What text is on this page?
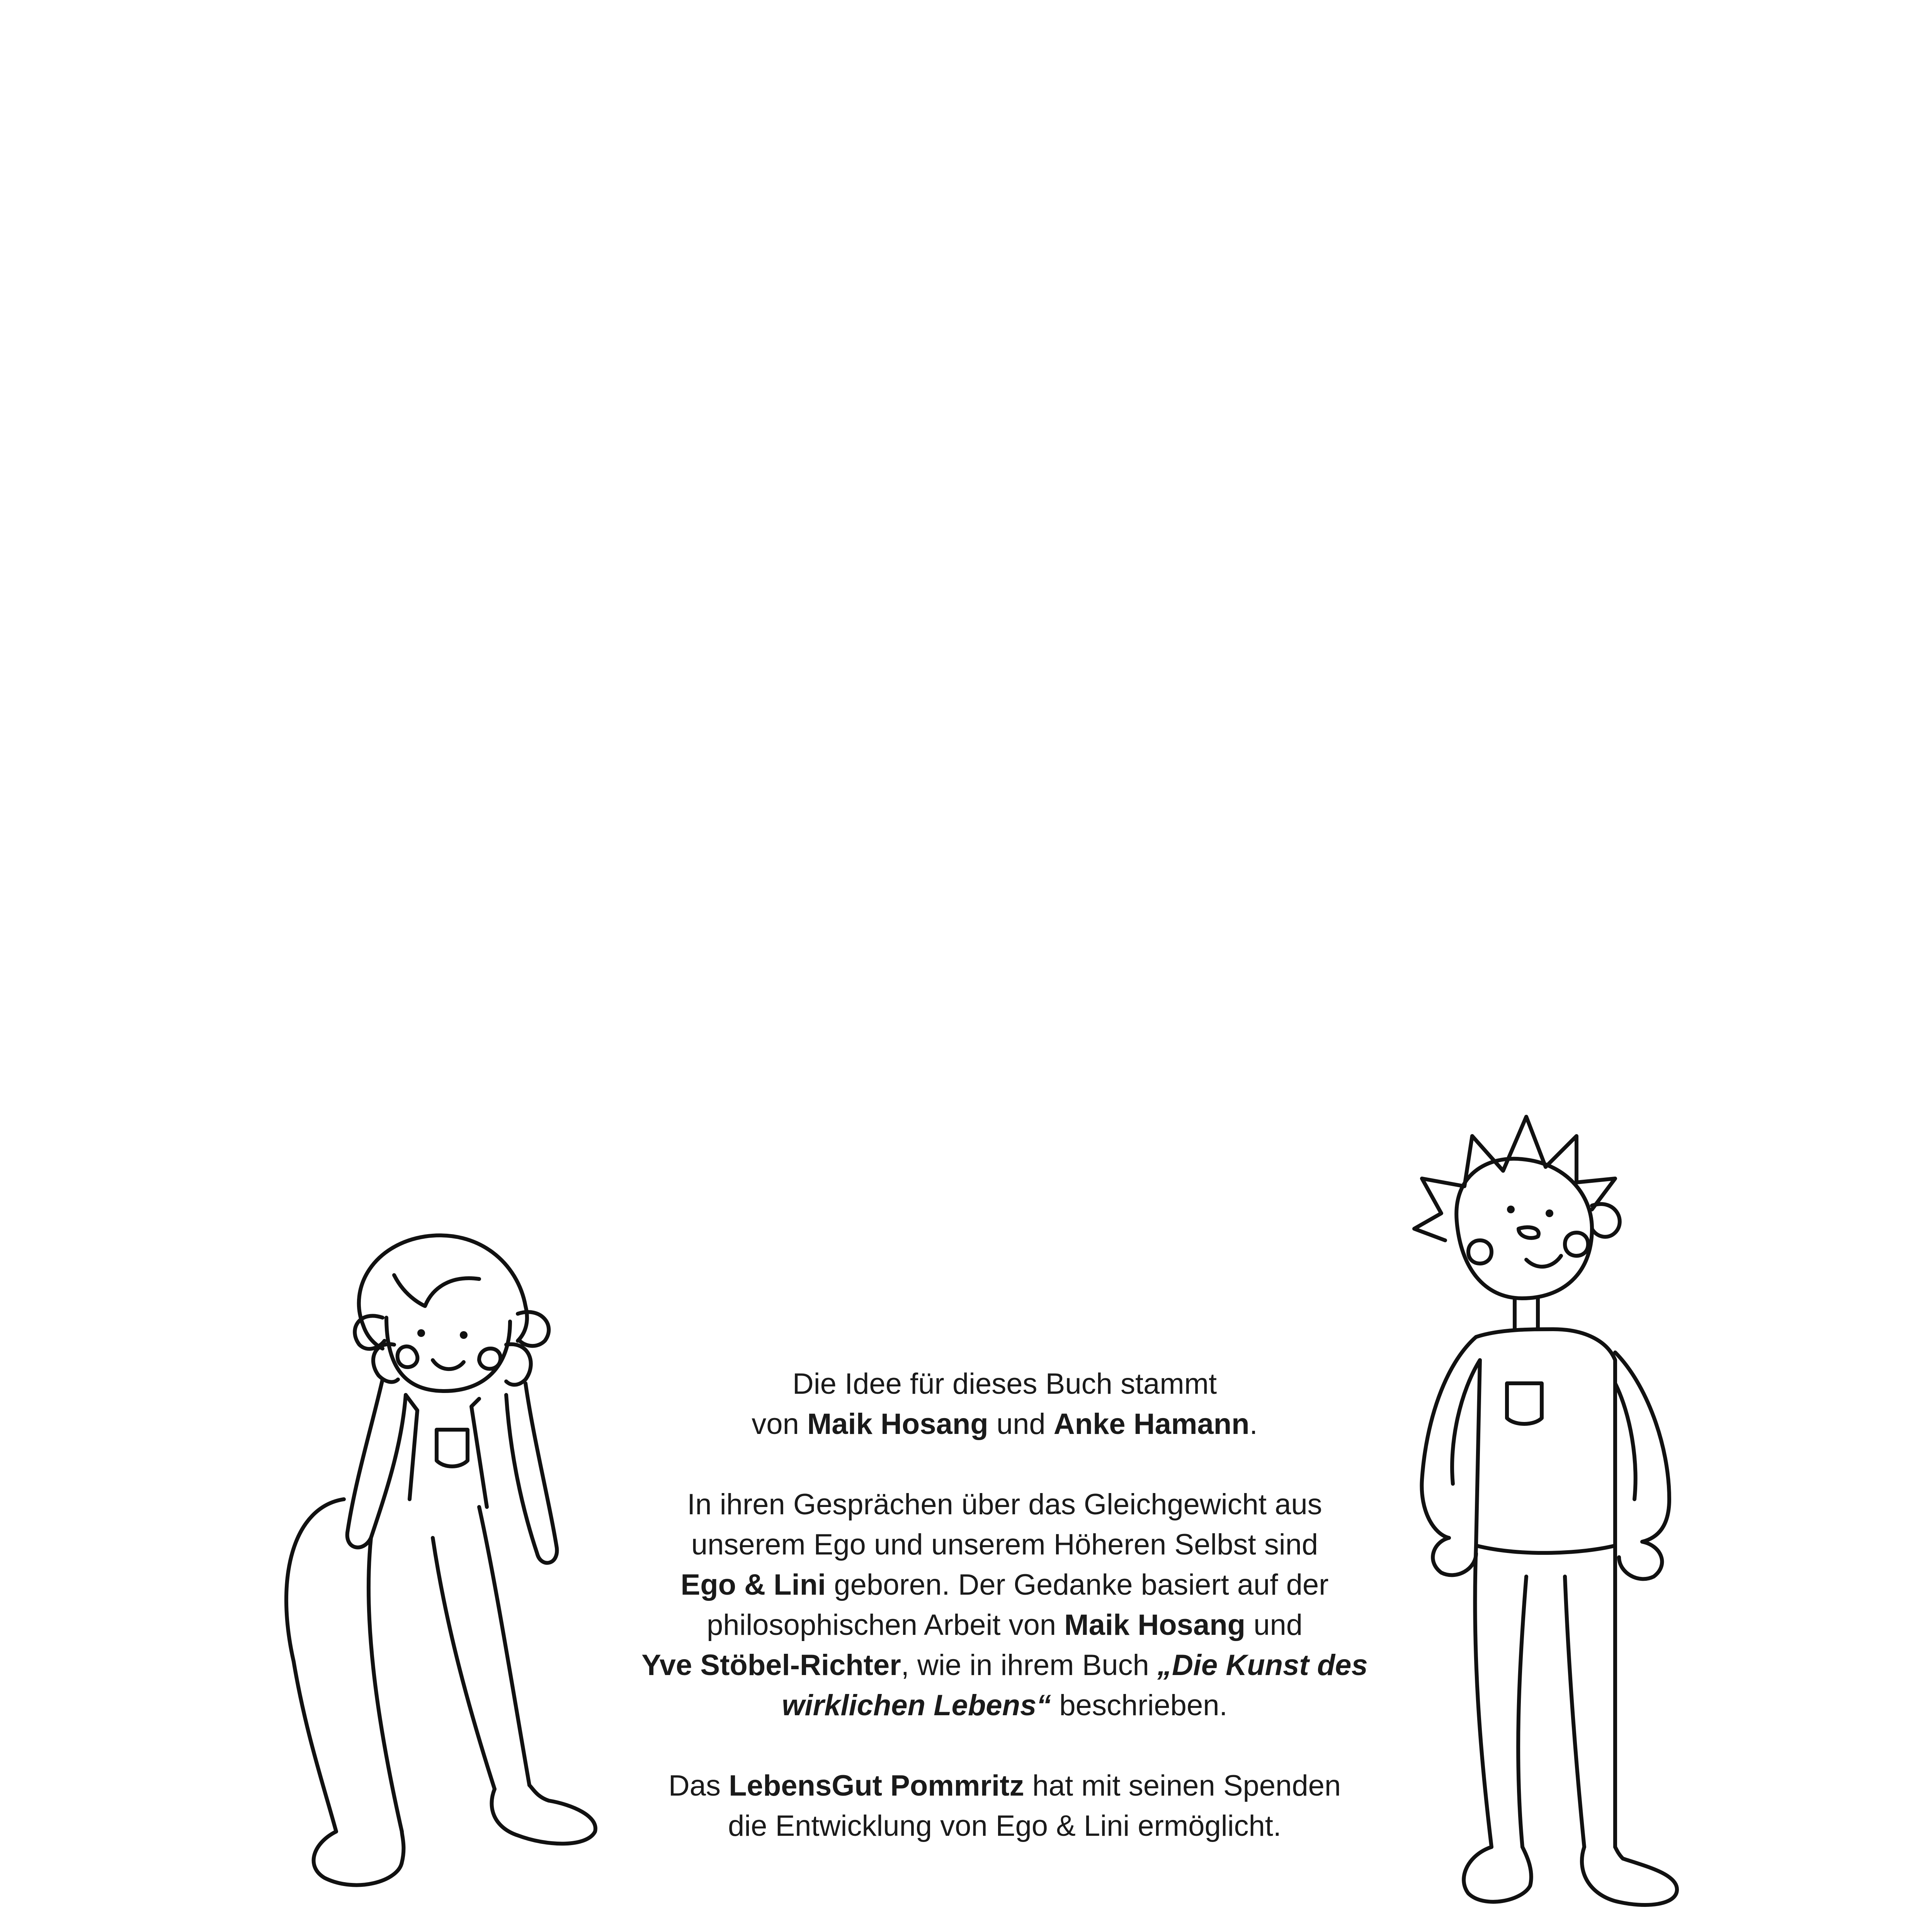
Die Idee für dieses Buch stammt
von Maik Hosang und Anke Hamann.

In ihren Gesprächen über das Gleichgewicht aus
unserem Ego und unserem Höheren Selbst sind
Ego & Lini geboren. Der Gedanke basiert auf der
philosophischen Arbeit von Maik Hosang und
Yve Stöbel-Richter, wie in ihrem Buch „Die Kunst des
wirklichen Lebens“ beschrieben.

Das LebensGut Pommritz hat mit seinen Spenden
die Entwicklung von Ego & Lini ermöglicht.
